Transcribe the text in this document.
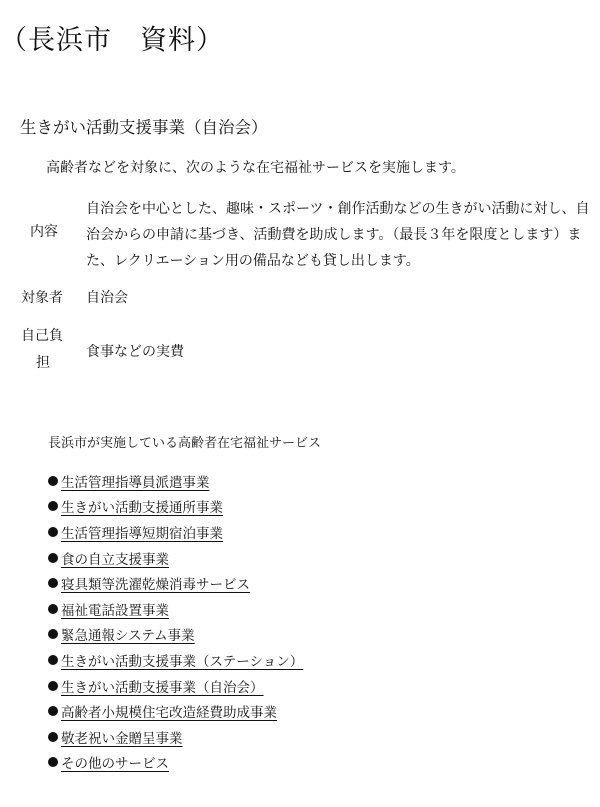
（長浜市　資料）
生きがい活動支援事業（自治会）
高齢者などを対象に、次のような在宅福祉サービスを実施します。
内容
自治会を中心とした、趣味・スポーツ・創作活動などの生きがい活動に対し、自
治会からの申請に基づき、活動費を助成します。（最長３年を限度とします）ま
た、レクリエーション用の備品なども貸し出します。
対象者 自治会
自己負
担
食事などの実費
長浜市が実施している高齢者在宅福祉サービス
生活管理指導員派遣事業
生きがい活動支援通所事業
生活管理指導短期宿泊事業
食の自立支援事業
寝具類等洗濯乾燥消毒サービス
福祉電話設置事業
緊急通報システム事業
生きがい活動支援事業（ステーション）
生きがい活動支援事業（自治会）
高齢者小規模住宅改造経費助成事業
敬老祝い金贈呈事業
その他のサービス
